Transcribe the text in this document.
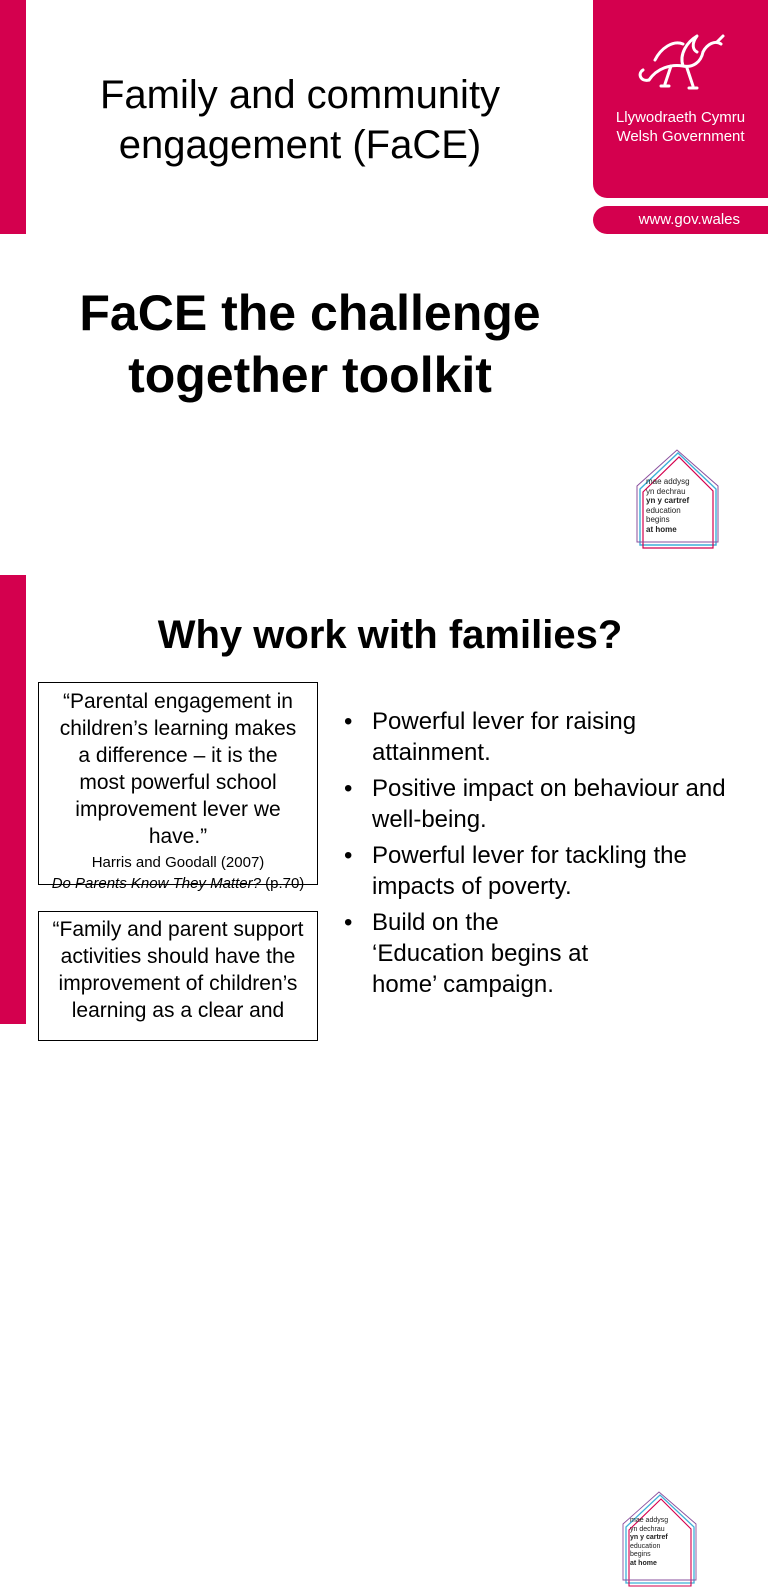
Family and community engagement (FaCE)
Llywodraeth Cymru
Welsh Government
www.gov.wales
FaCE the challenge together toolkit
mae addysg
yn dechrau
yn y cartref
education
begins
at home
Why work with families?
“Parental engagement in children’s learning makes a difference – it is the most powerful school improvement lever we have.”
Harris and Goodall (2007)
Do Parents Know They Matter? (p.70)
“Family and parent support activities should have the improvement of children’s learning as a clear and
• Powerful lever for raising attainment.
• Positive impact on behaviour and well-being.
• Powerful lever for tackling the impacts of poverty.
• Build on the ‘Education begins at home’ campaign.
mae addysg
yn dechrau
yn y cartref
education
begins
at home
